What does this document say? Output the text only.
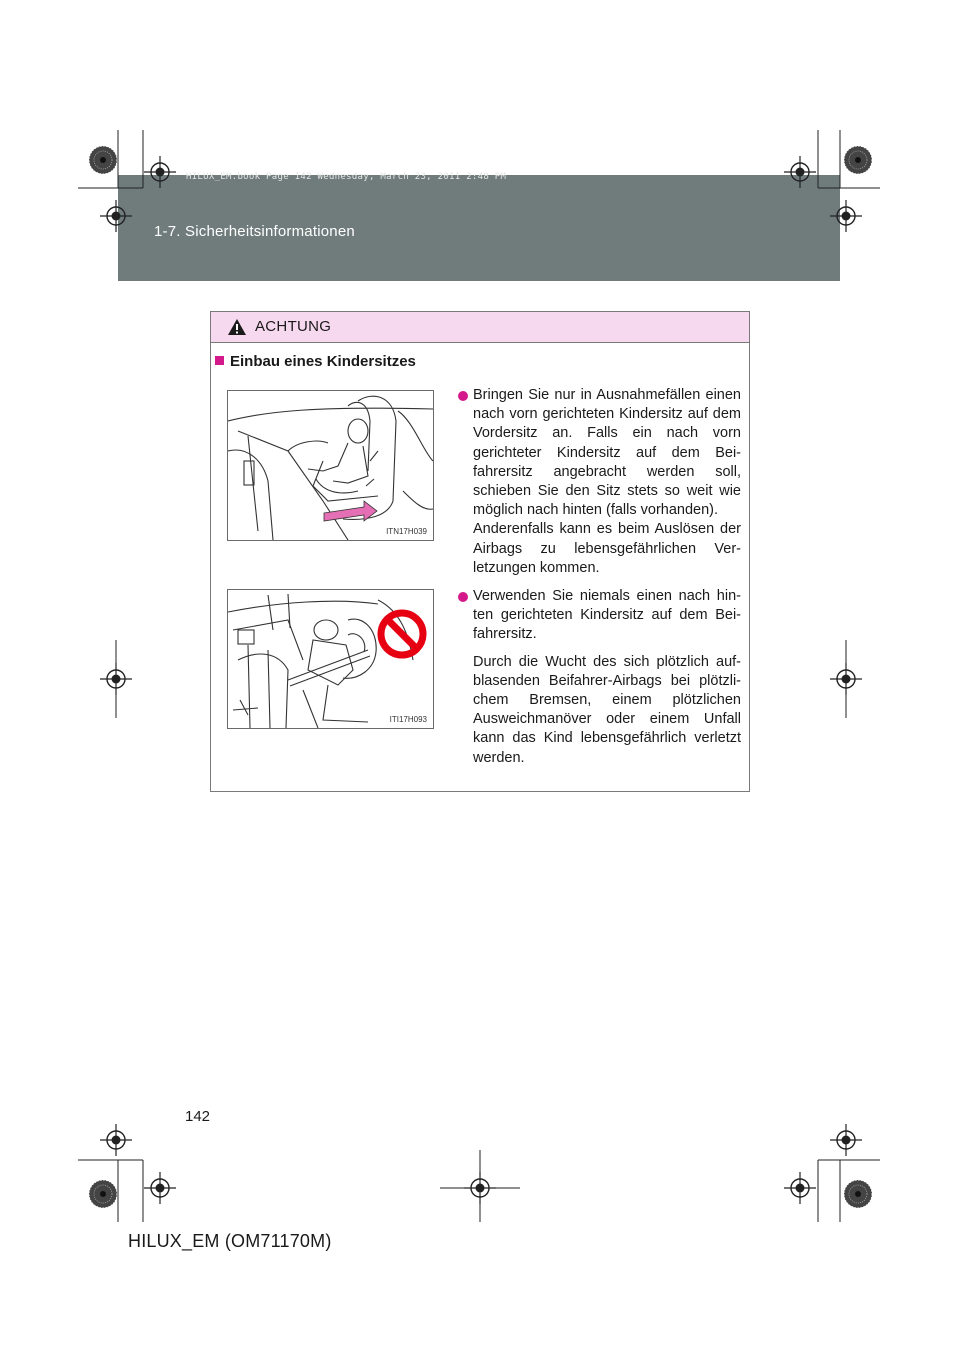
1-7. Sicherheitsinformationen
HILUX_EM.book Page 142 Wednesday, March 23, 2011 2:48 PM
ACHTUNG
Einbau eines Kindersitzes
ITN17H039
ITI17H093

Bringen Sie nur in Ausnahmefällen einen nach vorn gerichteten Kindersitz auf dem Vordersitz an. Falls ein nach vorn gerichteter Kindersitz auf dem Bei-fahrersitz angebracht werden soll, schieben Sie den Sitz stets so weit wie möglich nach hinten (falls vorhanden).

Anderenfalls kann es beim Auslösen der Airbags zu lebensgefährlichen Ver-letzungen kommen.

Verwenden Sie niemals einen nach hin-ten gerichteten Kindersitz auf dem Bei-fahrersitz.

Durch die Wucht des sich plötzlich auf-blasenden Beifahrer-Airbags bei plötzli-chem Bremsen, einem plötzlichen Ausweichmanöver oder einem Unfall kann das Kind lebensgefährlich verletzt werden.

142
HILUX_EM (OM71170M)
